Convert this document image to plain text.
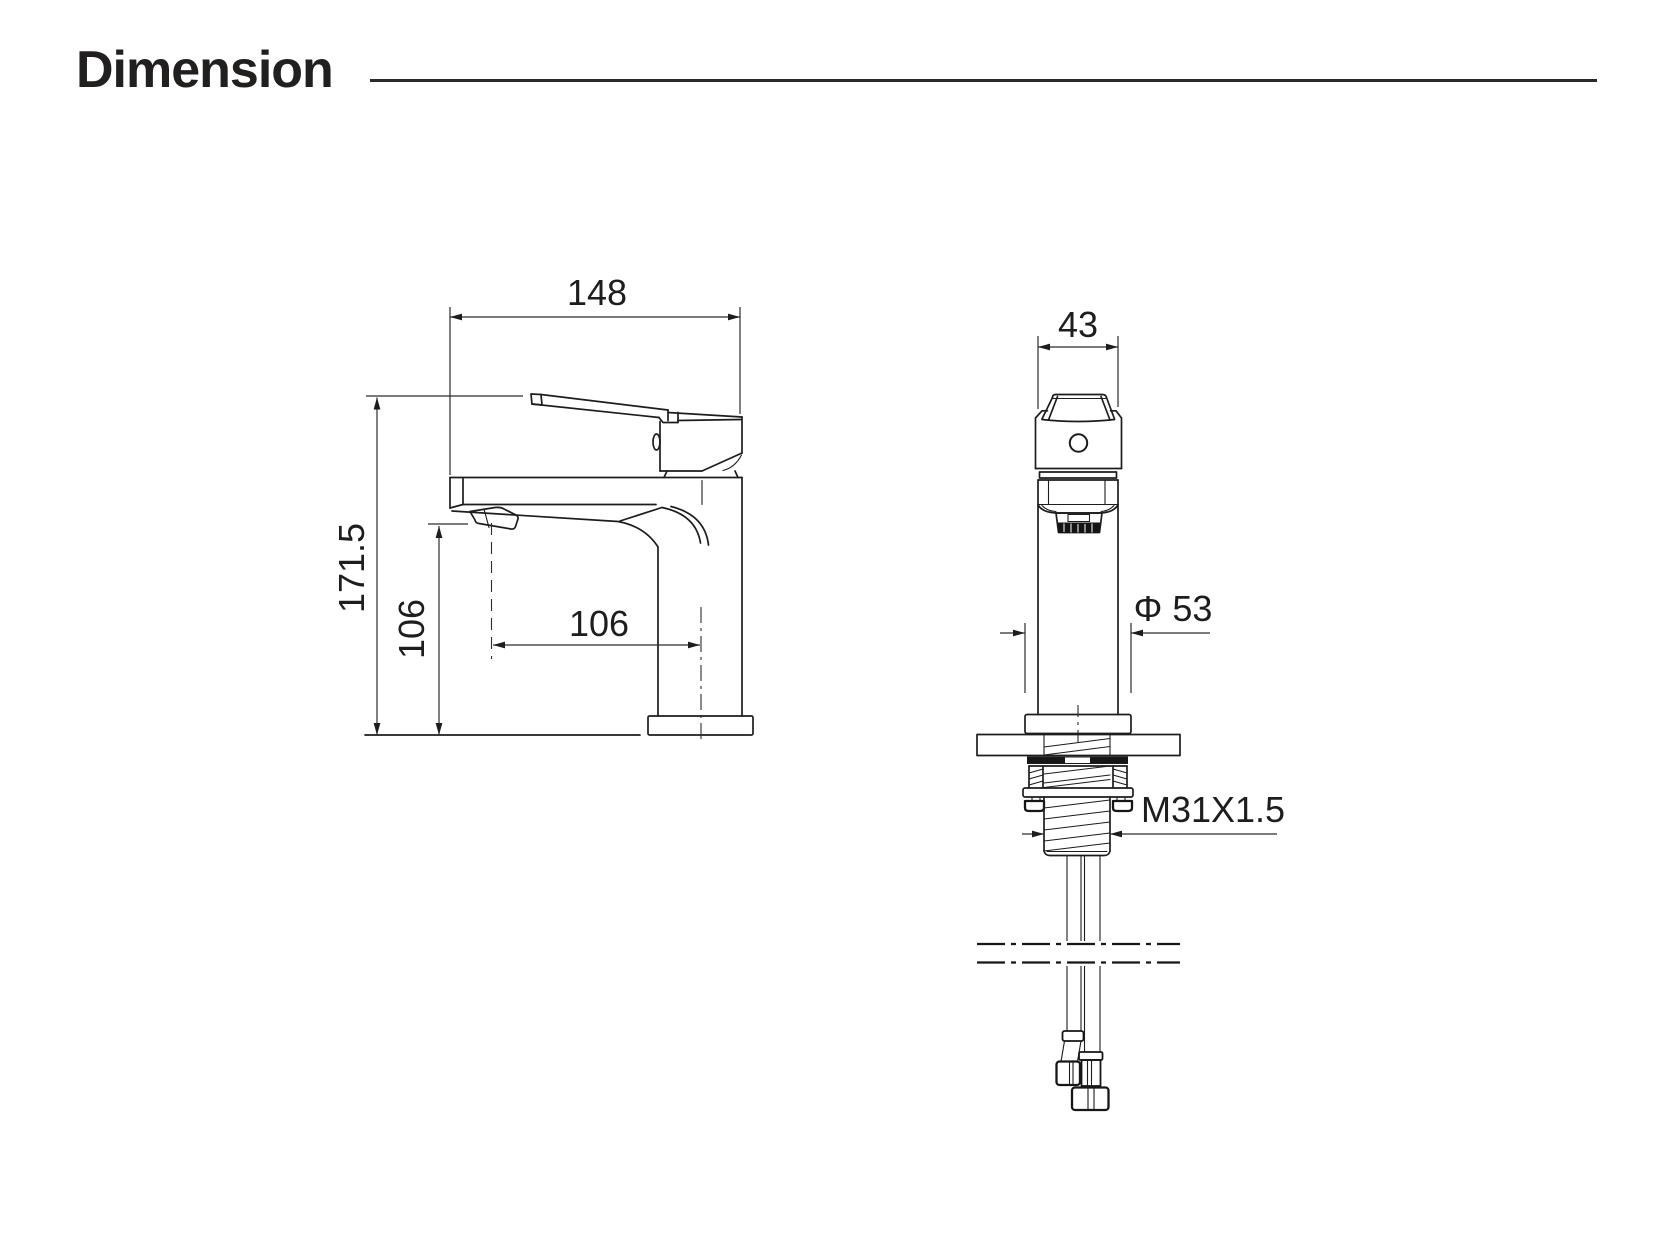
Dimension
148
171.5
106	106
43
Φ 53
M31X1.5
